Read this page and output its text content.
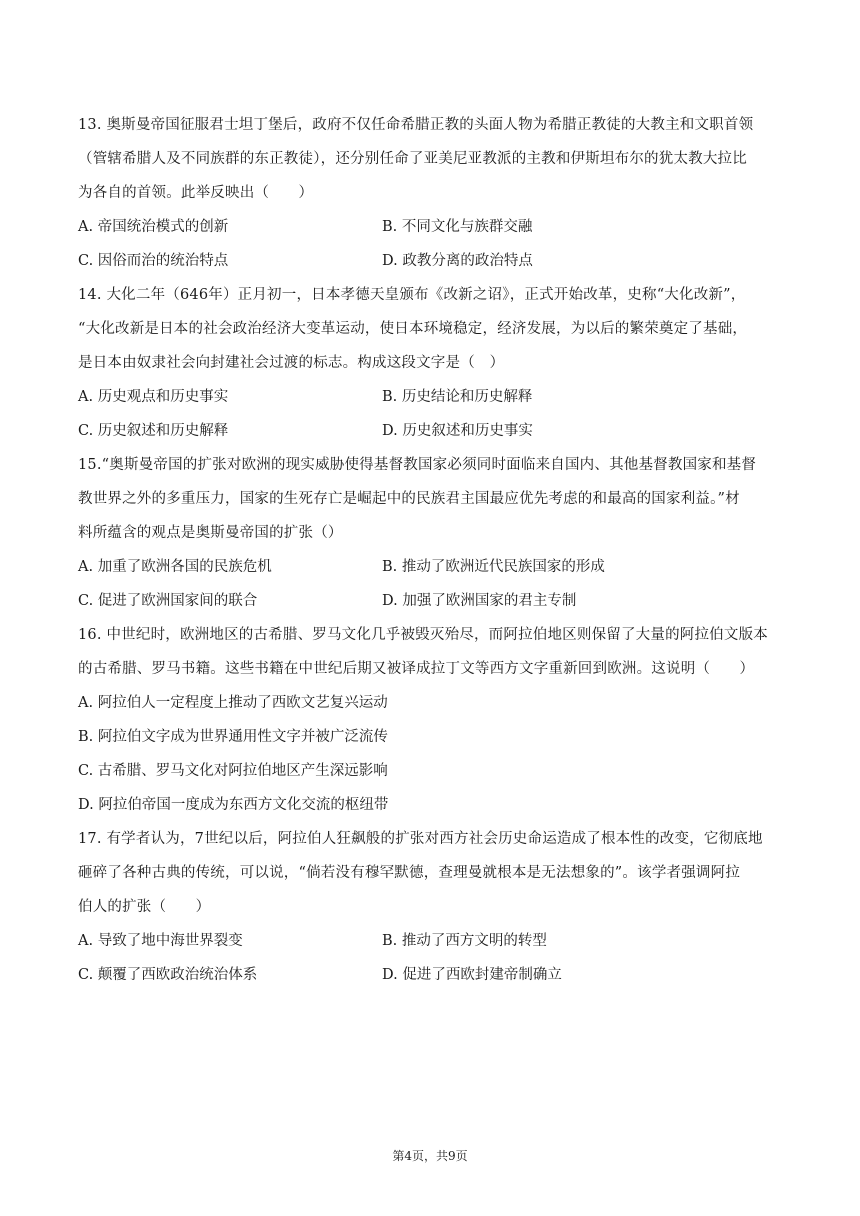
13. 奥斯曼帝国征服君士坦丁堡后，政府不仅任命希腊正教的头面人物为希腊正教徒的大教主和文职首领
（管辖希腊人及不同族群的东正教徒），还分别任命了亚美尼亚教派的主教和伊斯坦布尔的犹太教大拉比
为各自的首领。此举反映出（　　）
A. 帝国统治模式的创新	B. 不同文化与族群交融
C. 因俗而治的统治特点	D. 政教分离的政治特点
14. 大化二年（646年）正月初一，日本孝德天皇颁布《改新之诏》，正式开始改革，史称“大化改新”，
“大化改新是日本的社会政治经济大变革运动，使日本环境稳定，经济发展，为以后的繁荣奠定了基础，
是日本由奴隶社会向封建社会过渡的标志。构成这段文字是（　）
A. 历史观点和历史事实	B. 历史结论和历史解释
C. 历史叙述和历史解释	D. 历史叙述和历史事实
15.“奥斯曼帝国的扩张对欧洲的现实威胁使得基督教国家必须同时面临来自国内、其他基督教国家和基督
教世界之外的多重压力，国家的生死存亡是崛起中的民族君主国最应优先考虑的和最高的国家利益。”材
料所蕴含的观点是奥斯曼帝国的扩张（）
A. 加重了欧洲各国的民族危机	B. 推动了欧洲近代民族国家的形成
C. 促进了欧洲国家间的联合	D. 加强了欧洲国家的君主专制
16. 中世纪时，欧洲地区的古希腊、罗马文化几乎被毁灭殆尽，而阿拉伯地区则保留了大量的阿拉伯文版本
的古希腊、罗马书籍。这些书籍在中世纪后期又被译成拉丁文等西方文字重新回到欧洲。这说明（　　）
A. 阿拉伯人一定程度上推动了西欧文艺复兴运动
B. 阿拉伯文字成为世界通用性文字并被广泛流传
C. 古希腊、罗马文化对阿拉伯地区产生深远影响
D. 阿拉伯帝国一度成为东西方文化交流的枢纽带
17. 有学者认为，7世纪以后，阿拉伯人狂飙般的扩张对西方社会历史命运造成了根本性的改变，它彻底地
砸碎了各种古典的传统，可以说，“倘若没有穆罕默德，查理曼就根本是无法想象的”。该学者强调阿拉
伯人的扩张（　　）
A. 导致了地中海世界裂变	B. 推动了西方文明的转型
C. 颠覆了西欧政治统治体系	D. 促进了西欧封建帝制确立
第4页，共9页
